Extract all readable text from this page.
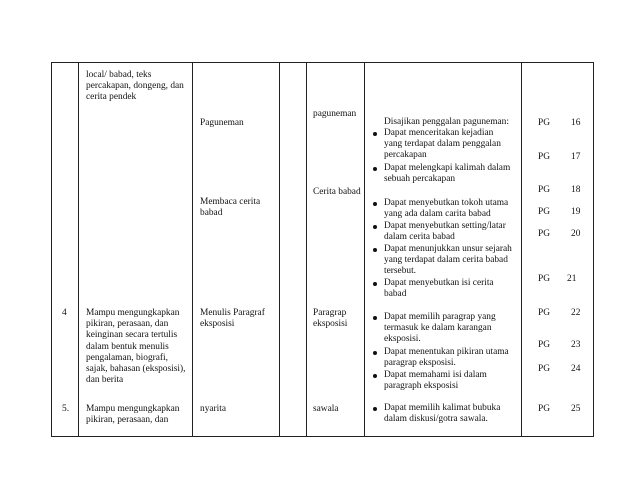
local/ babad, teks
percakapan, dongeng, dan
cerita pendek
Paguneman
Membaca cerita
babad
paguneman
Cerita babad
Disajikan penggalan paguneman:
Dapat menceritakan kejadian
yang terdapat dalam penggalan
percakapan
Dapat melengkapi kalimah dalam
sebuah percakapan
Dapat menyebutkan tokoh utama
yang ada dalam carita babad
Dapat menyebutkan setting/latar
dalam cerita babad
Dapat menunjukkan unsur sejarah
yang terdapat dalam cerita babad
tersebut.
Dapat menyebutkan isi cerita
babad
PG
PG
PG
PG
PG
PG
16
17
18
19
20
21
4 Mampu mengungkapkan
pikiran, perasaan, dan
keinginan secara tertulis
dalam bentuk menulis
pengalaman, biografi,
sajak, bahasan (eksposisi),
dan berita
Menulis Paragraf
eksposisi
Paragrap
eksposisi
Dapat memilih paragrap yang
termasuk ke dalam karangan
eksposisi.
Dapat menentukan pikiran utama
paragrap eksposisi.
Dapat memahami isi dalam
paragraph eksposisi
PG
PG
PG
22
23
24
5. Mampu mengungkapkan
pikiran, perasaan, dan
nyarita	sawala	Dapat memilih kalimat bubuka
dalam diskusi/gotra sawala.
PG 25
